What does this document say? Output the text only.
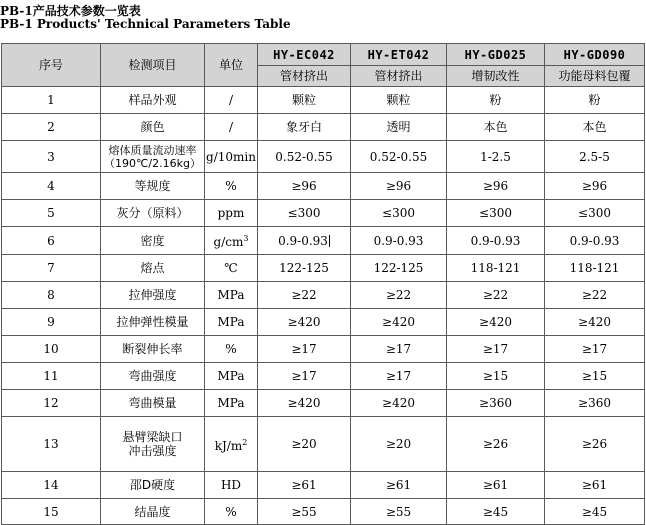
PB-1产品技术参数一览表
PB-1 Products' Technical Parameters Table
序号	检测项目	单位	HY-EC042	HY-ET042	HY-GD025	HY-GD090
			管材挤出	管材挤出	增韧改性	功能母料包覆
1	样品外观	/	颗粒	颗粒	粉	粉
2	颜色	/	象牙白	透明	本色	本色
3	熔体质量流动速率
（190℃/2.16kg）	g/10min	0.52-0.55	0.52-0.55	1-2.5	2.5-5
4	等规度	%	≥96	≥96	≥96	≥96
5	灰分（原料）	ppm	≤300	≤300	≤300	≤300
6	密度	$g/cm^3$	0.9-0.93	0.9-0.93	0.9-0.93	0.9-0.93
7	熔点	℃	122-125	122-125	118-121	118-121
8	拉伸强度	MPa	≥22	≥22	≥22	≥22
9	拉伸弹性模量	MPa	≥420	≥420	≥420	≥420
10	断裂伸长率	%	≥17	≥17	≥17	≥17
11	弯曲强度	MPa	≥17	≥17	≥15	≥15
12	弯曲模量	MPa	≥420	≥420	≥360	≥360
13	悬臂梁缺口
冲击强度	$kJ/m^2$	≥20	≥20	≥26	≥26
14	邵D硬度	HD	≥61	≥61	≥61	≥61
15	结晶度	%	≥55	≥55	≥45	≥45
